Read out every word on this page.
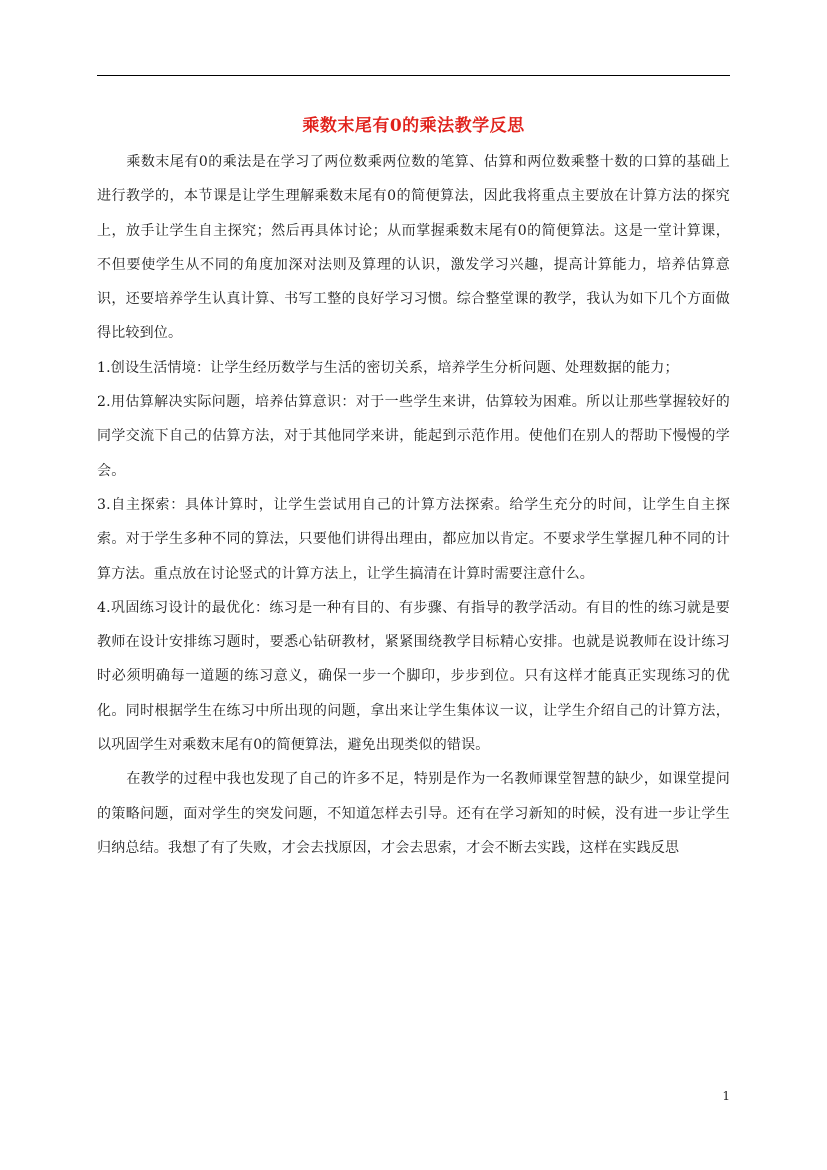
乘数末尾有0的乘法教学反思

乘数末尾有0的乘法是在学习了两位数乘两位数的笔算、估算和两位数乘整十数的口算的基础上进行教学的，本节课是让学生理解乘数末尾有0的简便算法，因此我将重点主要放在计算方法的探究上，放手让学生自主探究；然后再具体讨论；从而掌握乘数末尾有0的简便算法。这是一堂计算课，不但要使学生从不同的角度加深对法则及算理的认识，激发学习兴趣，提高计算能力，培养估算意识，还要培养学生认真计算、书写工整的良好学习习惯。综合整堂课的教学，我认为如下几个方面做得比较到位。

1.创设生活情境：让学生经历数学与生活的密切关系，培养学生分析问题、处理数据的能力；

2.用估算解决实际问题，培养估算意识：对于一些学生来讲，估算较为困难。所以让那些掌握较好的同学交流下自己的估算方法，对于其他同学来讲，能起到示范作用。使他们在别人的帮助下慢慢的学会。

3.自主探索：具体计算时，让学生尝试用自己的计算方法探索。给学生充分的时间，让学生自主探索。对于学生多种不同的算法，只要他们讲得出理由，都应加以肯定。不要求学生掌握几种不同的计算方法。重点放在讨论竖式的计算方法上，让学生搞清在计算时需要注意什么。

4.巩固练习设计的最优化：练习是一种有目的、有步骤、有指导的教学活动。有目的性的练习就是要教师在设计安排练习题时，要悉心钻研教材，紧紧围绕教学目标精心安排。也就是说教师在设计练习时必须明确每一道题的练习意义，确保一步一个脚印，步步到位。只有这样才能真正实现练习的优化。同时根据学生在练习中所出现的问题，拿出来让学生集体议一议，让学生介绍自己的计算方法，以巩固学生对乘数末尾有0的简便算法，避免出现类似的错误。

在教学的过程中我也发现了自己的许多不足，特别是作为一名教师课堂智慧的缺少，如课堂提问的策略问题，面对学生的突发问题，不知道怎样去引导。还有在学习新知的时候，没有进一步让学生归纳总结。我想了有了失败，才会去找原因，才会去思索，才会不断去实践，这样在实践反思

1
